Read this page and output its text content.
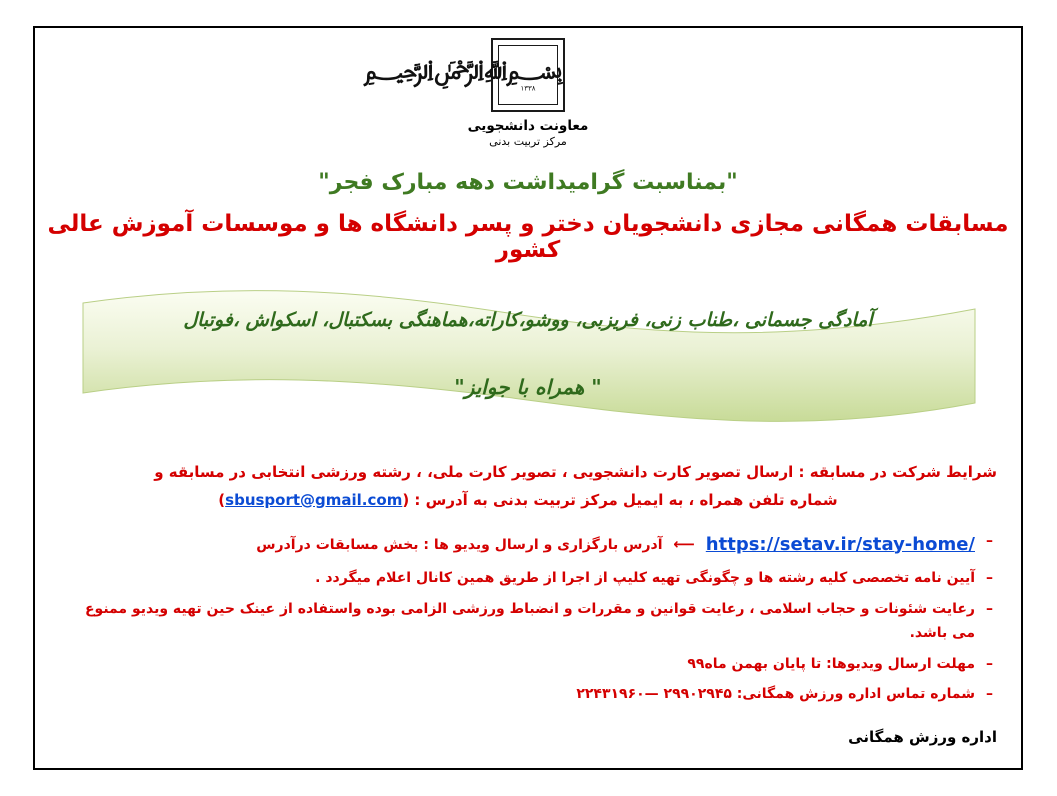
﷽
۱۳۳۸
معاونت دانشجویی
مرکز تربیت بدنی
"بمناسبت گرامیداشت دهه مبارک فجر"
مسابقات همگانی مجازی دانشجویان دختر و پسر دانشگاه ها و موسسات آموزش عالی کشور
آمادگی جسمانی ،طناب زنی، فریزبی، ووشو،کاراته،هماهنگی بسکتبال، اسکواش ،فوتبال
" همراه با جوایز"
شرایط شرکت در مسابقه : ارسال تصویر کارت دانشجویی ، تصویر کارت ملی، ، رشته ورزشی انتخابی در مسابقه و
شماره تلفن همراه ، به ایمیل مرکز تربیت بدنی به آدرس : (sbusport@gmail.com)
– https://setav.ir/stay-home/ ⟵ آدرس بارگزاری و ارسال ویدیو ها : بخش مسابقات درآدرس
– آیین نامه تخصصی کلیه رشته ها و چگونگی تهیه کلیپ از اجرا از طریق همین کانال اعلام میگردد .
– رعایت شئونات و حجاب اسلامی ، رعایت قوانین و مقررات و انضباط ورزشی الزامی بوده واستفاده از عینک حین تهیه ویدیو ممنوع می باشد.
– مهلت ارسال ویدیوها: تا پایان بهمن ماه۹۹
– شماره تماس اداره ورزش همگانی: ۲۹۹۰۲۹۴۵ —۲۲۴۳۱۹۶۰
اداره ورزش همگانی
